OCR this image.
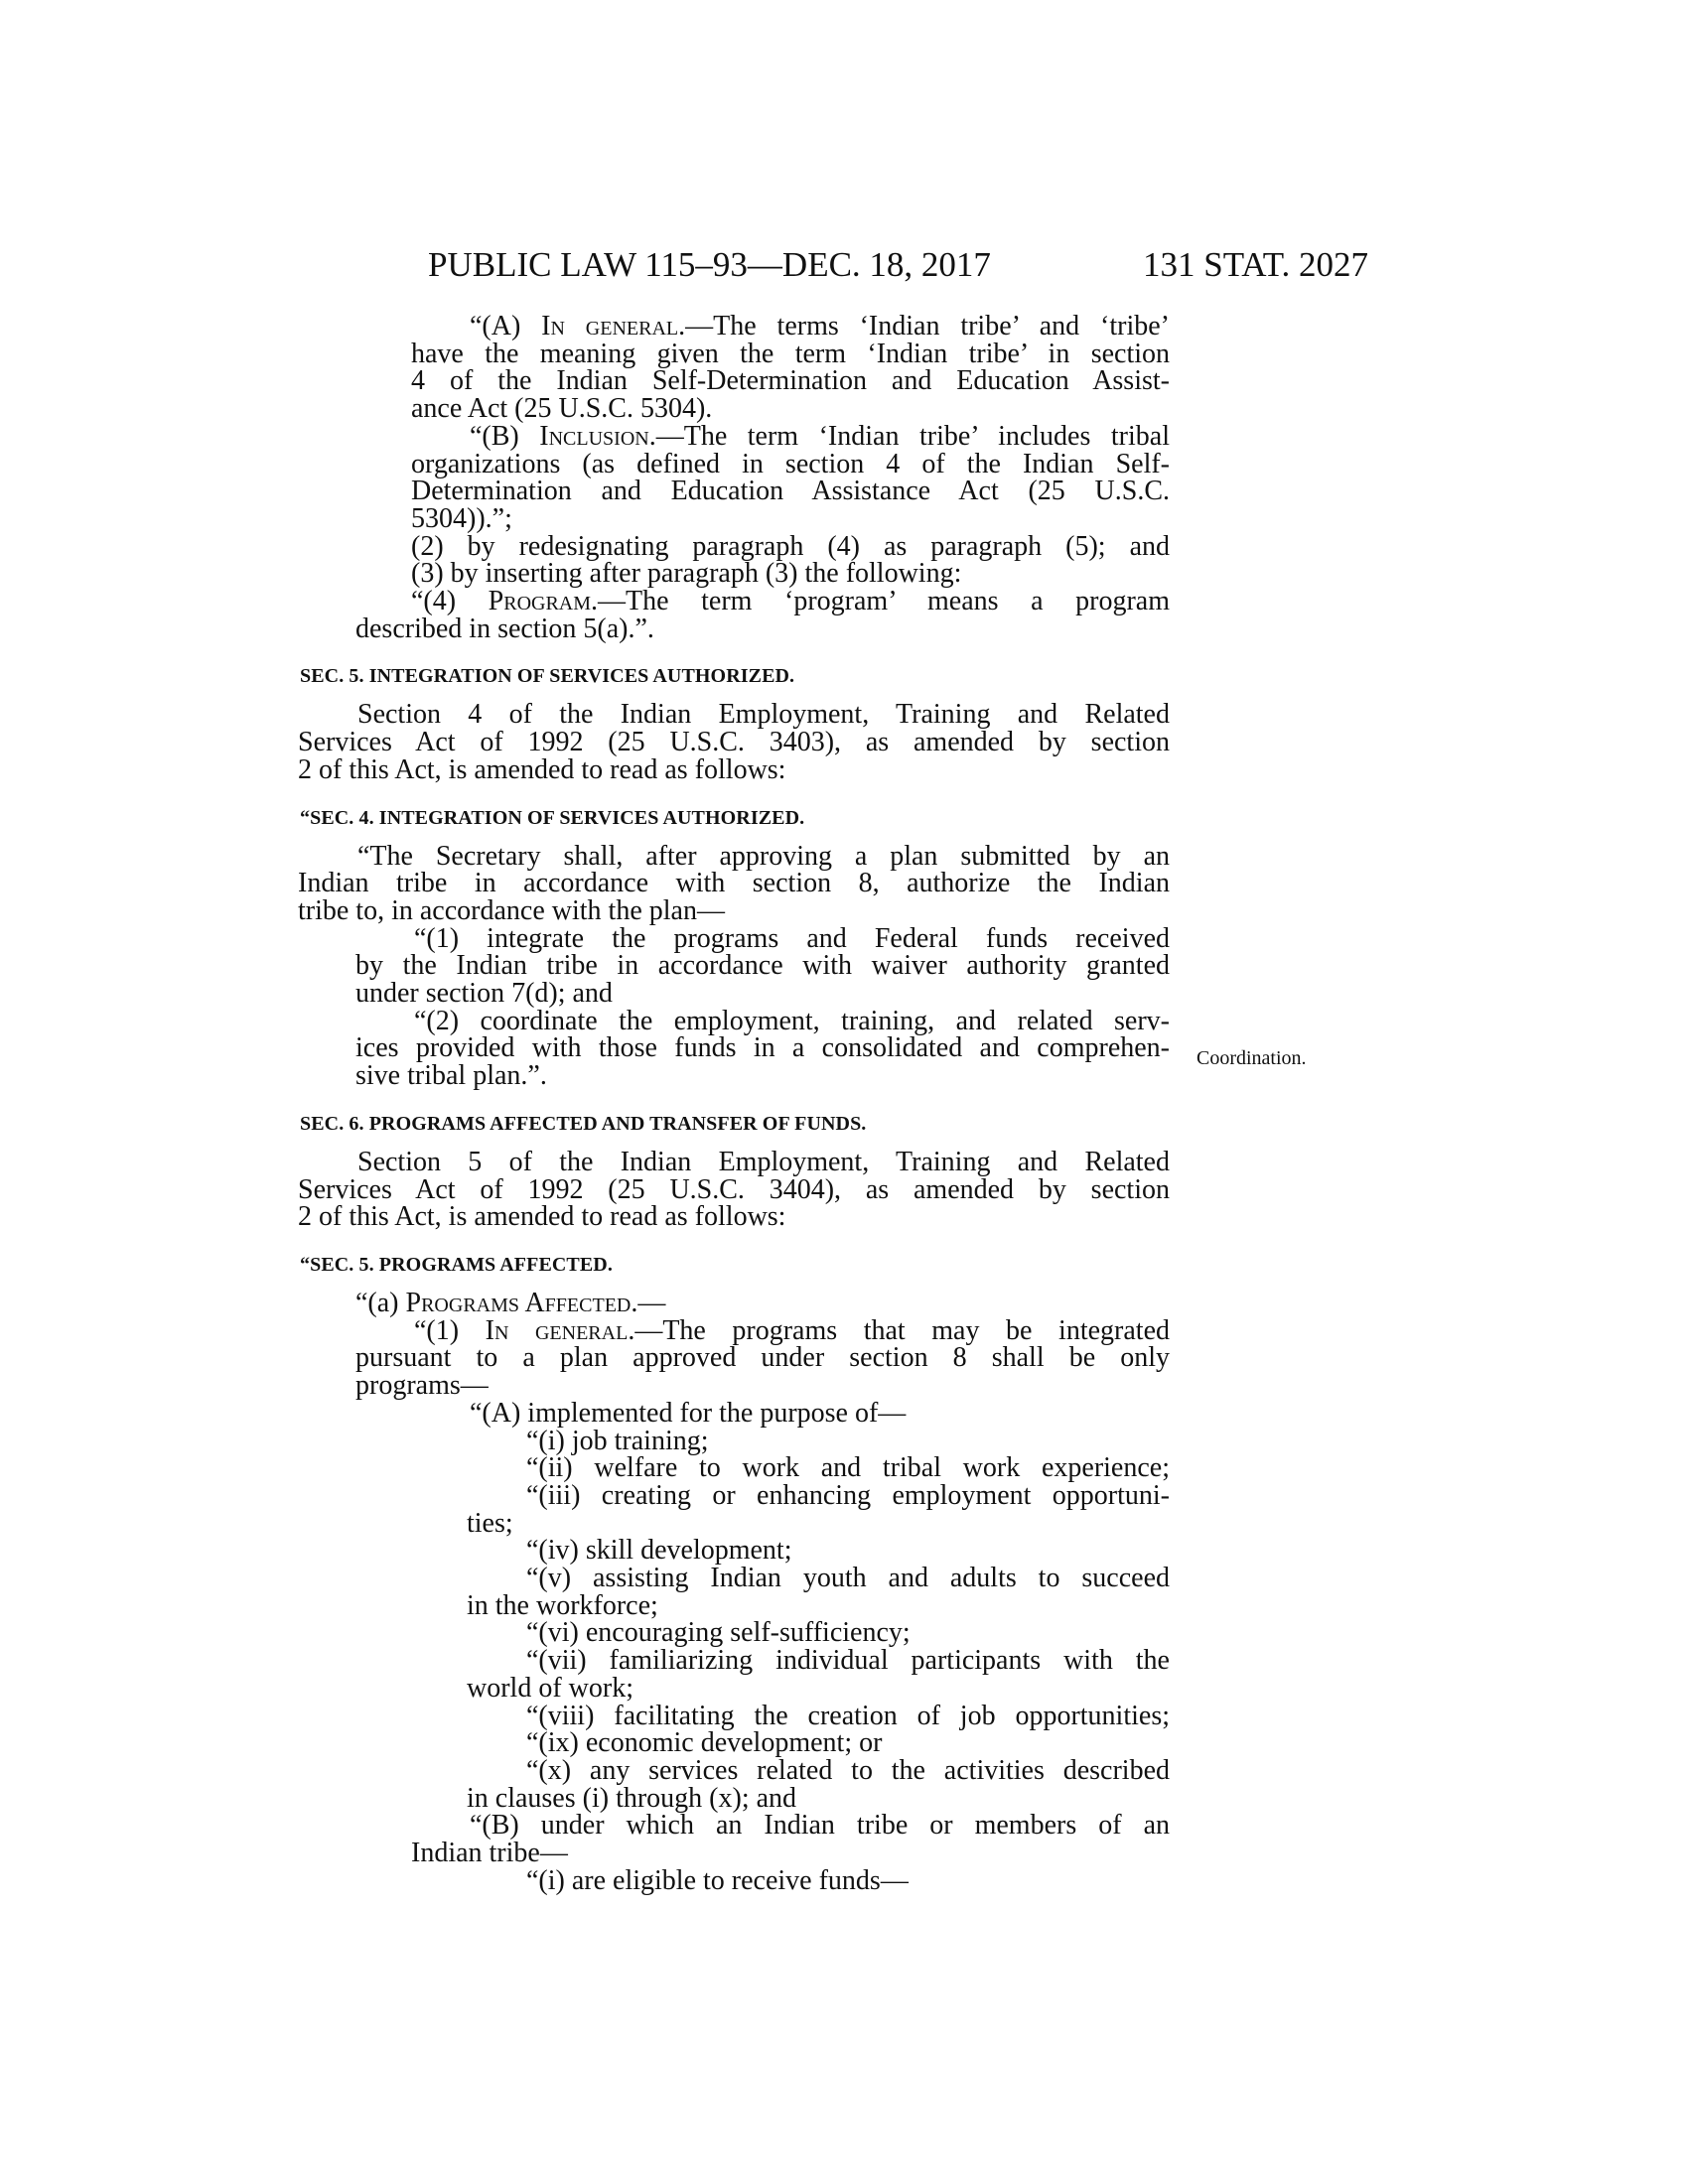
PUBLIC LAW 115–93—DEC. 18, 2017	131 STAT. 2027
Coordination.
“(A) In general.—The terms ‘Indian tribe’ and ‘tribe’
have the meaning given the term ‘Indian tribe’ in section
4 of the Indian Self-Determination and Education Assist-
ance Act (25 U.S.C. 5304).
“(B) Inclusion.—The term ‘Indian tribe’ includes tribal
organizations (as defined in section 4 of the Indian Self-
Determination and Education Assistance Act (25 U.S.C.
5304)).”;
(2) by redesignating paragraph (4) as paragraph (5); and
(3) by inserting after paragraph (3) the following:
“(4) Program.—The term ‘program’ means a program
described in section 5(a).”.
SEC. 5. INTEGRATION OF SERVICES AUTHORIZED.
Section 4 of the Indian Employment, Training and Related
Services Act of 1992 (25 U.S.C. 3403), as amended by section
2 of this Act, is amended to read as follows:
“SEC. 4. INTEGRATION OF SERVICES AUTHORIZED.
“The Secretary shall, after approving a plan submitted by an
Indian tribe in accordance with section 8, authorize the Indian
tribe to, in accordance with the plan—
“(1) integrate the programs and Federal funds received
by the Indian tribe in accordance with waiver authority granted
under section 7(d); and
“(2) coordinate the employment, training, and related serv-
ices provided with those funds in a consolidated and comprehen-
sive tribal plan.”.
SEC. 6. PROGRAMS AFFECTED AND TRANSFER OF FUNDS.
Section 5 of the Indian Employment, Training and Related
Services Act of 1992 (25 U.S.C. 3404), as amended by section
2 of this Act, is amended to read as follows:
“SEC. 5. PROGRAMS AFFECTED.
“(a) Programs Affected.—
“(1) In general.—The programs that may be integrated
pursuant to a plan approved under section 8 shall be only
programs—
“(A) implemented for the purpose of—
“(i) job training;
“(ii) welfare to work and tribal work experience;
“(iii) creating or enhancing employment opportuni-
ties;
“(iv) skill development;
“(v) assisting Indian youth and adults to succeed
in the workforce;
“(vi) encouraging self-sufficiency;
“(vii) familiarizing individual participants with the
world of work;
“(viii) facilitating the creation of job opportunities;
“(ix) economic development; or
“(x) any services related to the activities described
in clauses (i) through (x); and
“(B) under which an Indian tribe or members of an
Indian tribe—
“(i) are eligible to receive funds—
